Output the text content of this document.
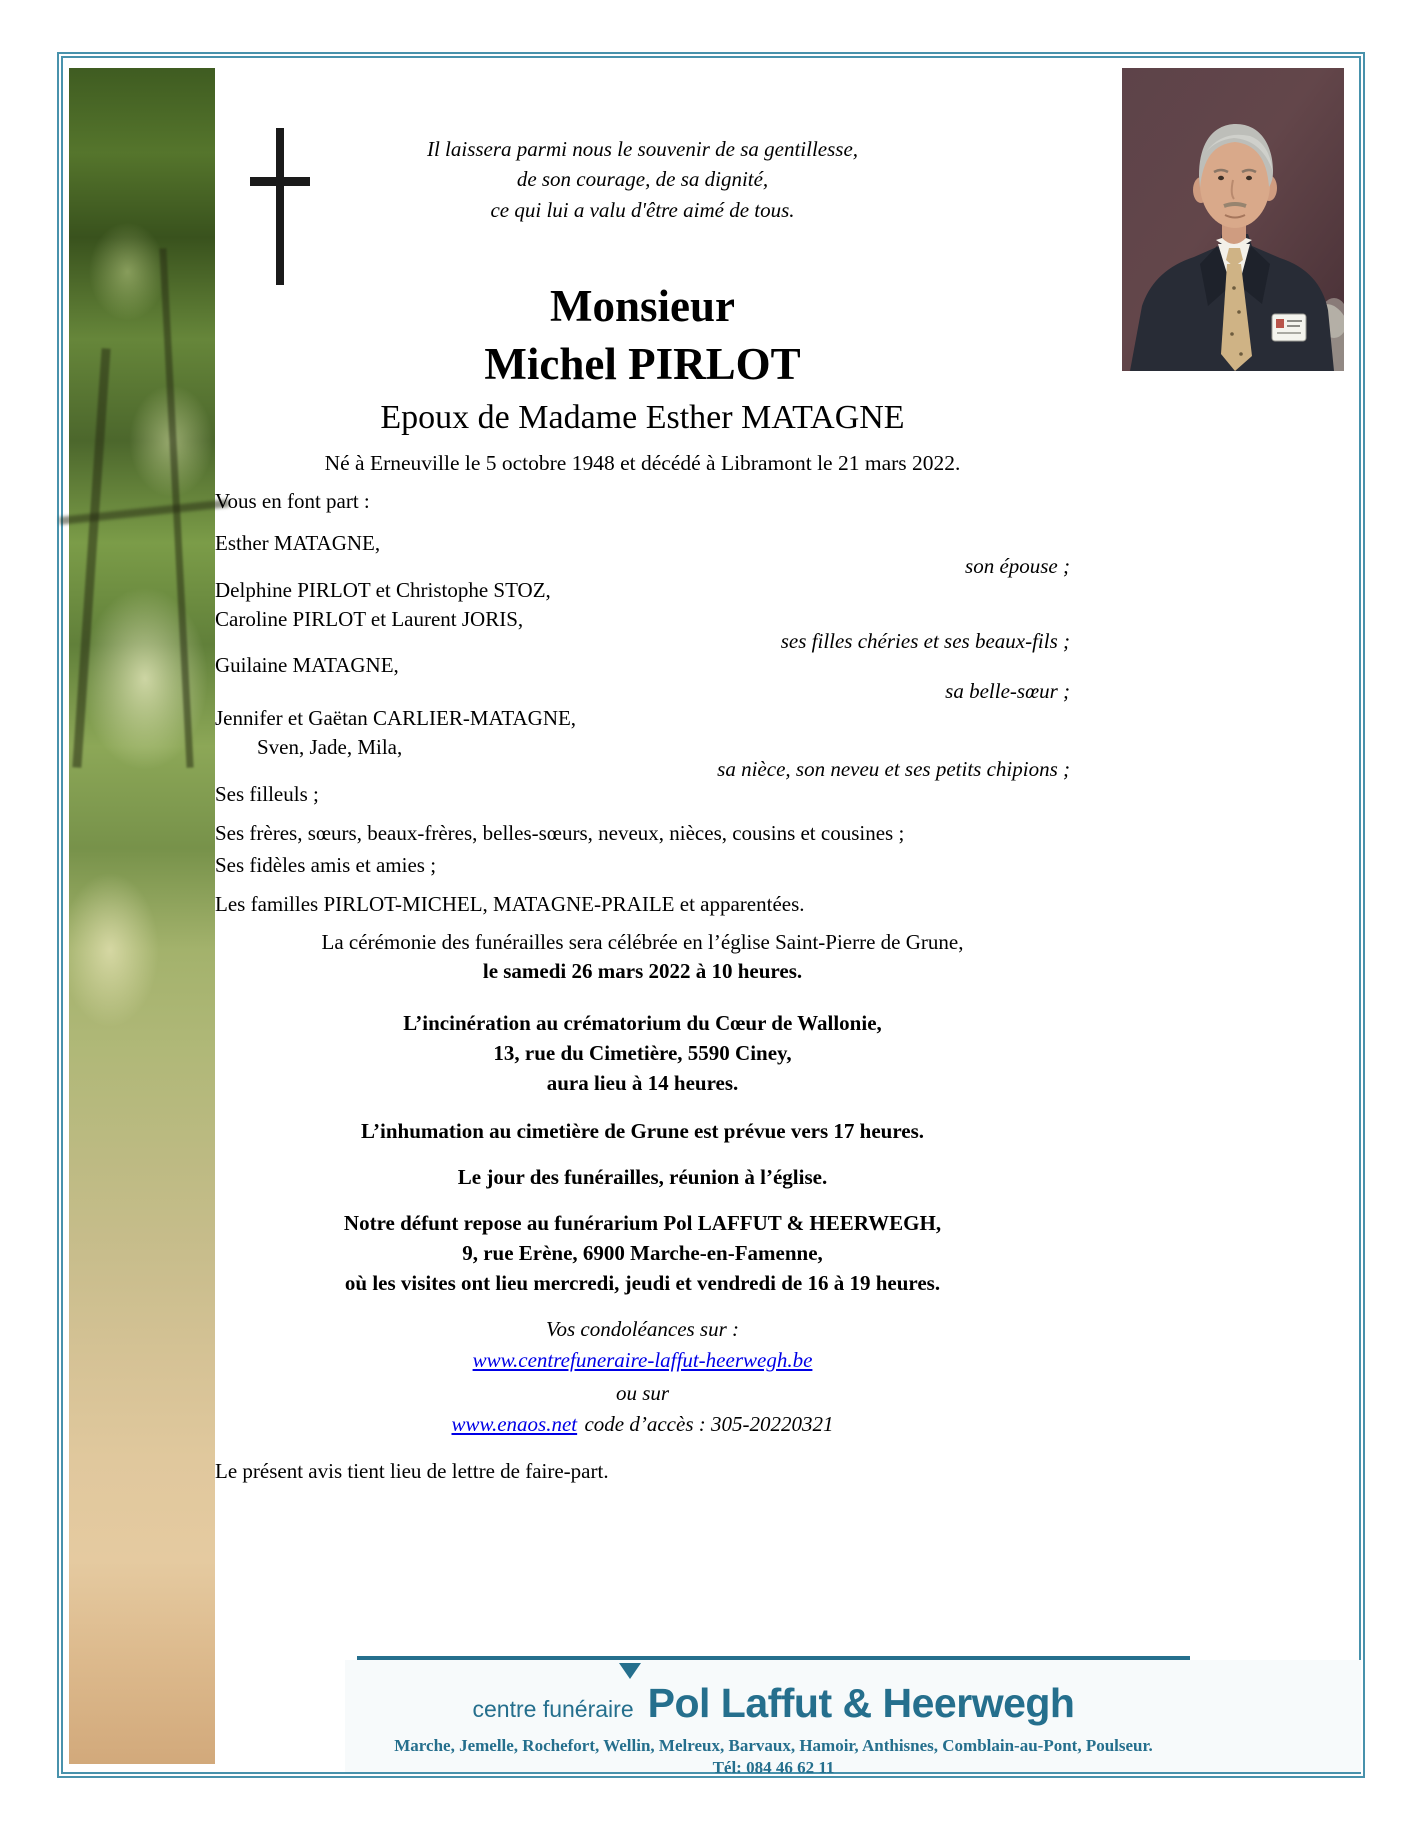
Il laissera parmi nous le souvenir de sa gentillesse,
de son courage, de sa dignité,
ce qui lui a valu d'être aimé de tous.
Monsieur
Michel PIRLOT
Epoux de Madame Esther MATAGNE
Né à Erneuville le 5 octobre 1948 et décédé à Libramont le 21 mars 2022.
Vous en font part :
Esther MATAGNE,
son épouse ;
Delphine PIRLOT et Christophe STOZ,
Caroline PIRLOT et Laurent JORIS,
ses filles chéries et ses beaux-fils ;
Guilaine MATAGNE,
sa belle-sœur ;
Jennifer et Gaëtan CARLIER-MATAGNE,
Sven, Jade, Mila,
sa nièce, son neveu et ses petits chipions ;
Ses filleuls ;
Ses frères, sœurs, beaux-frères, belles-sœurs, neveux, nièces, cousins et cousines ;
Ses fidèles amis et amies ;
Les familles PIRLOT-MICHEL, MATAGNE-PRAILE et apparentées.
La cérémonie des funérailles sera célébrée en l’église Saint-Pierre de Grune,
le samedi 26 mars 2022 à 10 heures.
L’incinération au crématorium du Cœur de Wallonie,
13, rue du Cimetière, 5590 Ciney,
aura lieu à 14 heures.
L’inhumation au cimetière de Grune est prévue vers 17 heures.
Le jour des funérailles, réunion à l’église.
Notre défunt repose au funérarium Pol LAFFUT & HEERWEGH,
9, rue Erène, 6900 Marche-en-Famenne,
où les visites ont lieu mercredi, jeudi et vendredi de 16 à 19 heures.
Vos condoléances sur :
www.centrefuneraire-laffut-heerwegh.be
ou sur
www.enaos.net code d’accès : 305-20220321
Le présent avis tient lieu de lettre de faire-part.
centre funéraire Pol Laffut & Heerwegh
Marche, Jemelle, Rochefort, Wellin, Melreux, Barvaux, Hamoir, Anthisnes, Comblain-au-Pont, Poulseur.
Tél: 084 46 62 11
